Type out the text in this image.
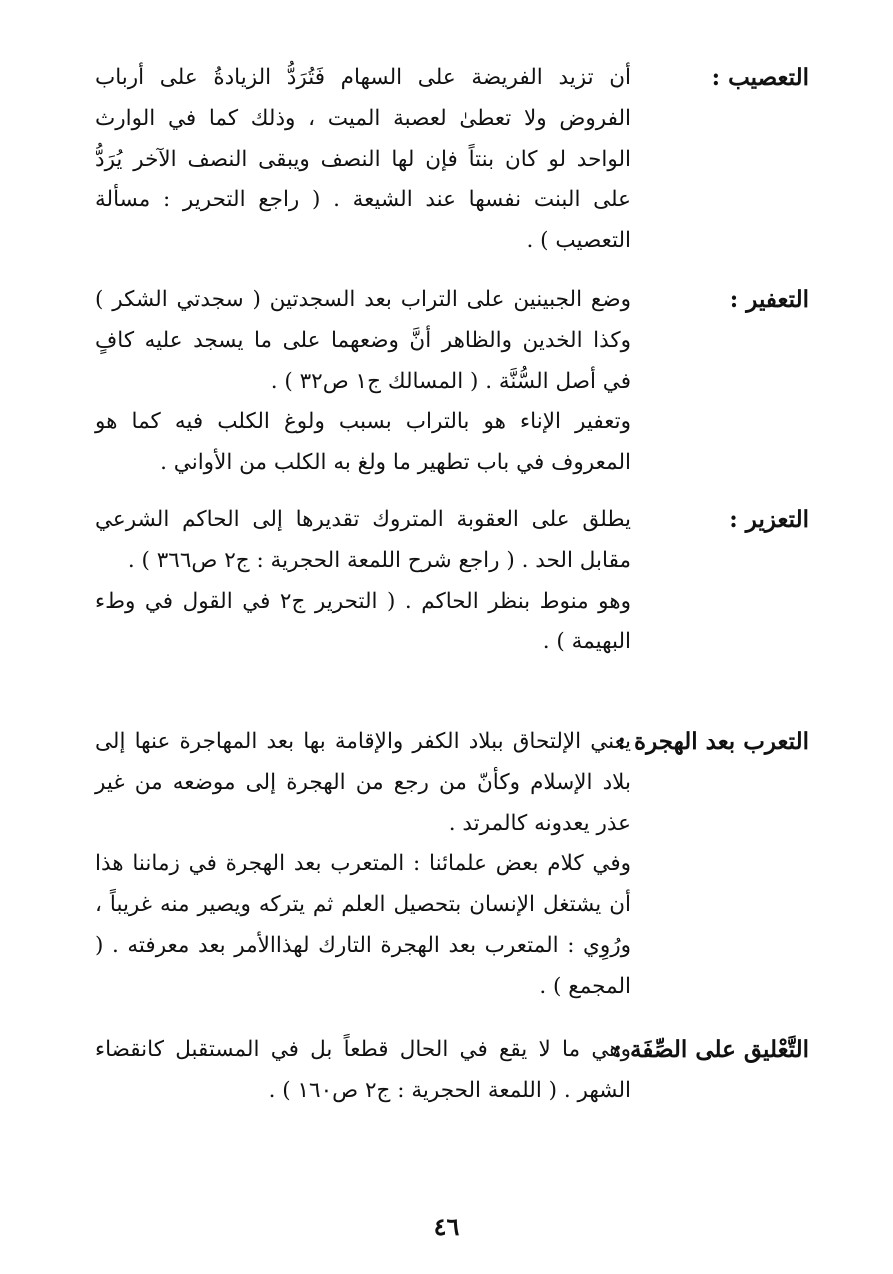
التعصيب :

أن تزيد الفريضة على السهام فَتُرَدُّ الزيادةُ على أرباب الفروض ولا تعطىٰ لعصبة الميت ، وذلك كما في الوارث الواحد لو كان بنتاً فإن لها النصف ويبقى النصف الآخر يُرَدُّ على البنت نفسها عند الشيعة . ( راجع التحرير : مسألة التعصيب ) .

التعفير :

وضع الجبينين على التراب بعد السجدتين ( سجدتي الشكر ) وكذا الخدين والظاهر أنَّ وضعهما على ما يسجد عليه كافٍ في أصل السُّنَّة . ( المسالك ج١ ص٣٢ ) .

وتعفير الإناء هو بالتراب بسبب ولوغ الكلب فيه كما هو المعروف في باب تطهير ما ولغ به الكلب من الأواني .

التعزير :

يطلق على العقوبة المتروك تقديرها إلى الحاكم الشرعي مقابل الحد . ( راجع شرح اللمعة الحجرية : ج٢ ص٣٦٦ ) .

وهو منوط بنظر الحاكم . ( التحرير ج٢ في القول في وطء البهيمة ) .

التعرب بعد الهجرة :

يعني الإلتحاق ببلاد الكفر والإقامة بها بعد المهاجرة عنها إلى بلاد الإسلام وكأنّ من رجع من الهجرة إلى موضعه من غير عذر يعدونه كالمرتد .

وفي كلام بعض علمائنا : المتعرب بعد الهجرة في زماننا هذا أن يشتغل الإنسان بتحصيل العلم ثم يتركه ويصير منه غريباً ، ورُوِي : المتعرب بعد الهجرة التارك لهذاالأمر بعد معرفته . ( المجمع ) .

التَّعْليق على الصِّفَة :

وهي ما لا يقع في الحال قطعاً بل في المستقبل كانقضاء الشهر . ( اللمعة الحجرية : ج٢ ص١٦٠ ) .

٤٦
